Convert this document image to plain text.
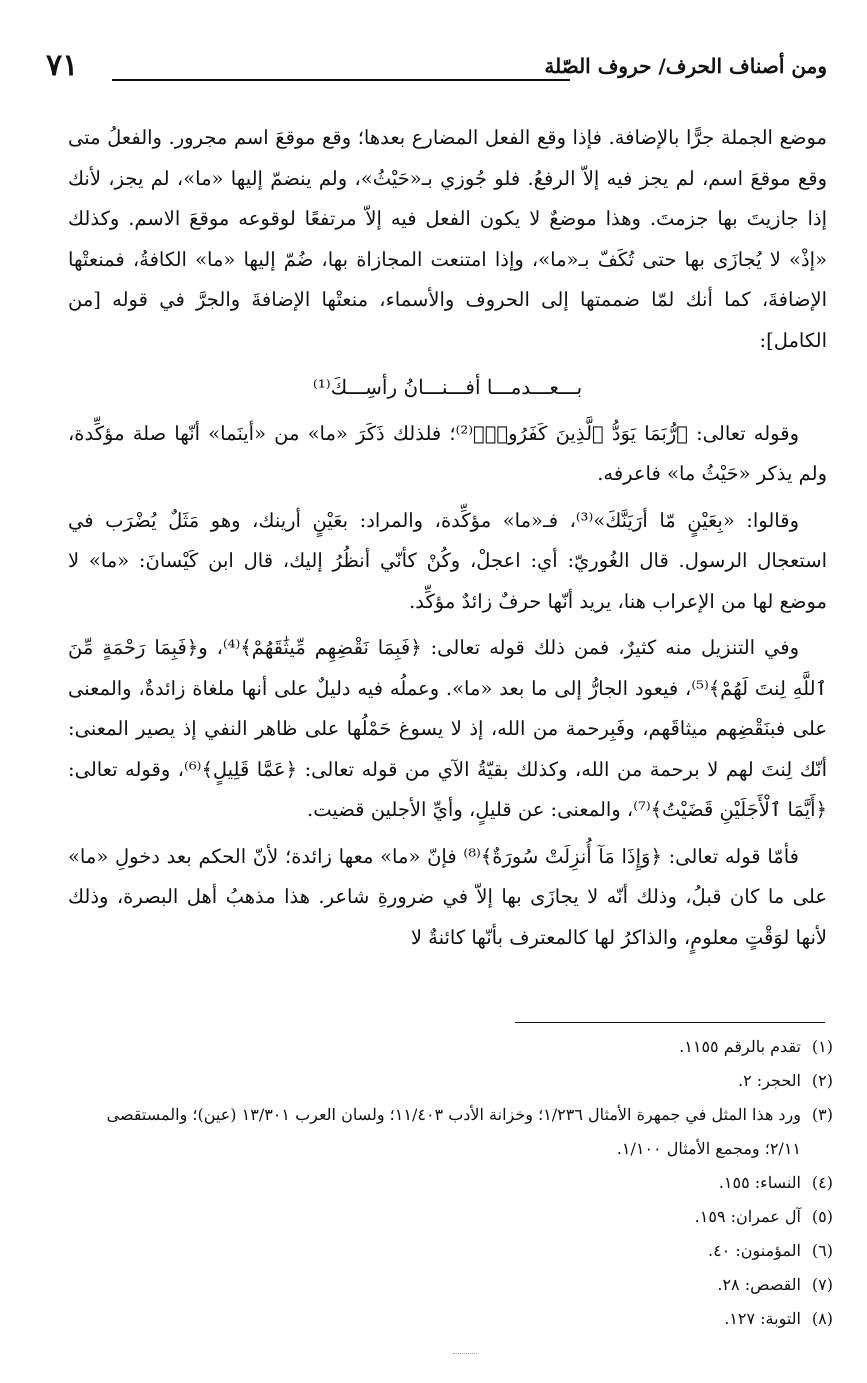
٧١	ومن أصناف الحرف/ حروف الصّلة

موضع الجملة جرًّا بالإضافة. فإذا وقع الفعل المضارع بعدها؛ وقع موقعَ اسم مجرور. والفعلُ متى وقع موقعَ اسم، لم يجز فيه إلاّ الرفعُ. فلو جُوزي بـ«حَيْثُ»، ولم ينضمّ إليها «ما»، لم يجز، لأنك إذا جازيتَ بها جزمتَ. وهذا موضعٌ لا يكون الفعل فيه إلاّ مرتفعًا لوقوعه موقعَ الاسم. وكذلك «إذْ» لا يُجازَى بها حتى تُكَفّ بـ«ما»، وإذا امتنعت المجازاة بها، ضُمّ إليها «ما» الكافةُ، فمنعتْها الإضافةَ، كما أنك لمّا ضممتها إلى الحروف والأسماء، منعتْها الإضافةَ والجرَّ في قوله [من الكامل]:

بـــعـــدمـــا أفـــنـــانُ رأسِـــكَ⁽¹⁾

وقوله تعالى: ﴿رُّبَمَا يَوَدُّ ٱلَّذِينَ كَفَرُوا۟﴾⁽²⁾؛ فلذلك ذَكَرَ «ما» من «أينَما» أنّها صلة مؤكِّدة، ولم يذكر «حَيْثُ ما» فاعرفه.

وقالوا: «بِعَيْنٍ مّا أرَيَنَّكَ»⁽³⁾، فـ«ما» مؤكِّدة، والمراد: بعَيْنٍ أرينك، وهو مَثَلٌ يُضْرَب في استعجال الرسول. قال الغُوريّ: أي: اعجلْ، وكُنْ كأنّي أنظُرُ إليك، قال ابن كَيْسانَ: «ما» لا موضع لها من الإعراب هنا، يريد أنّها حرفٌ زائدٌ مؤكِّد.

وفي التنزيل منه كثيرٌ، فمن ذلك قوله تعالى: ﴿فَبِمَا نَقْضِهِم مِّيثَٰقَهُمْ﴾⁽⁴⁾، و﴿فَبِمَا رَحْمَةٍ مِّنَ ٱللَّهِ لِنتَ لَهُمْ﴾⁽⁵⁾، فيعود الجارُّ إلى ما بعد «ما». وعملُه فيه دليلٌ على أنها ملغاة زائدةٌ، والمعنى على فبنَقْضِهم ميثاقَهم، وفَبِرحمة من الله، إذ لا يسوغ حَمْلُها على ظاهر النفي إذ يصير المعنى: أنّك لِنتَ لهم لا برحمة من الله، وكذلك بقيّةُ الآي من قوله تعالى: ﴿عَمَّا قَلِيلٍ﴾⁽⁶⁾، وقوله تعالى: ﴿أَيَّمَا ٱلْأَجَلَيْنِ قَضَيْتُ﴾⁽⁷⁾، والمعنى: عن قليلٍ، وأيِّ الأجلين قضيت.

فأمّا قوله تعالى: ﴿وَإِذَا مَآ أُنزِلَتْ سُورَةٌ﴾⁽⁸⁾ فإنّ «ما» معها زائدة؛ لأنّ الحكم بعد دخولِ «ما» على ما كان قبلُ، وذلك أنّه لا يجازَى بها إلاّ في ضرورةِ شاعر. هذا مذهبُ أهل البصرة، وذلك لأنها لوَقْتٍ معلومٍ، والذاكرُ لها كالمعترف بأنّها كائنةٌ لا

(١)
تقدم بالرقم ١١٥٥.
(٢)
الحجر: ٢.
(٣)
ورد هذا المثل في جمهرة الأمثال ١/٢٣٦؛ وخزانة الأدب ١١/٤٠٣؛ ولسان العرب ١٣/٣٠١ (عين)؛ والمستقصى ٢/١١؛ ومجمع الأمثال ١/١٠٠.
(٤)
النساء: ١٥٥.
(٥)
آل عمران: ١٥٩.
(٦)
المؤمنون: ٤٠.
(٧)
القصص: ٢٨.
(٨)
التوبة: ١٢٧.
